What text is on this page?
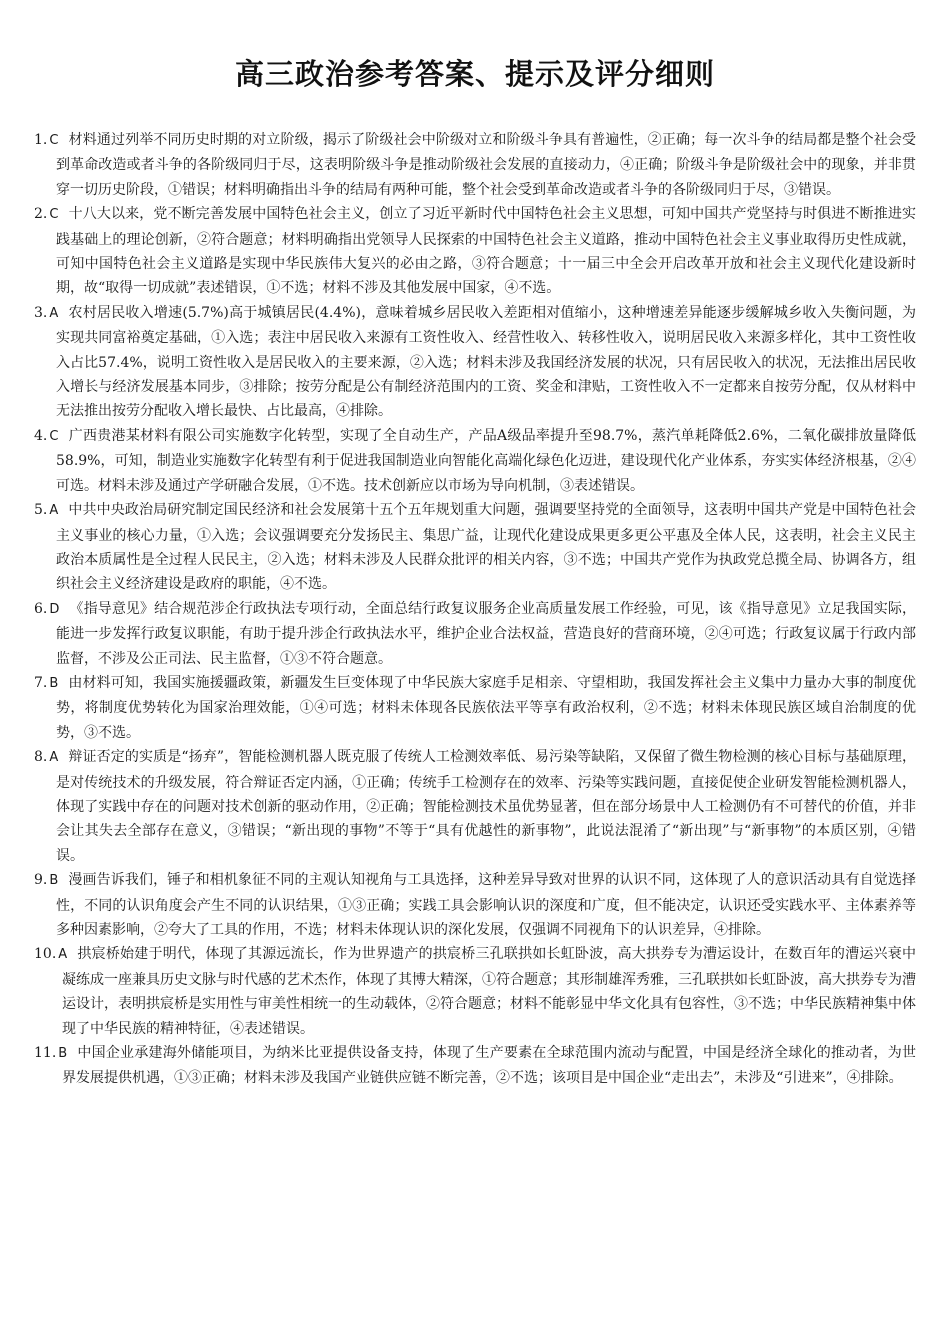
高三政治参考答案、提示及评分细则
1. C 材料通过列举不同历史时期的对立阶级，揭示了阶级社会中阶级对立和阶级斗争具有普遍性，②正确；每一次斗争的结局都是整个社会受到革命改造或者斗争的各阶级同归于尽，这表明阶级斗争是推动阶级社会发展的直接动力，④正确；阶级斗争是阶级社会中的现象，并非贯穿一切历史阶段，①错误；材料明确指出斗争的结局有两种可能，整个社会受到革命改造或者斗争的各阶级同归于尽，③错误。
2. C 十八大以来，党不断完善发展中国特色社会主义，创立了习近平新时代中国特色社会主义思想，可知中国共产党坚持与时俱进不断推进实践基础上的理论创新，②符合题意；材料明确指出党领导人民探索的中国特色社会主义道路，推动中国特色社会主义事业取得历史性成就，可知中国特色社会主义道路是实现中华民族伟大复兴的必由之路，③符合题意；十一届三中全会开启改革开放和社会主义现代化建设新时期，故“取得一切成就”表述错误，①不选；材料不涉及其他发展中国家，④不选。
3. A 农村居民收入增速(5.7%)高于城镇居民(4.4%)，意味着城乡居民收入差距相对值缩小，这种增速差异能逐步缓解城乡收入失衡问题，为实现共同富裕奠定基础，①入选；表注中居民收入来源有工资性收入、经营性收入、转移性收入，说明居民收入来源多样化，其中工资性收入占比57.4%，说明工资性收入是居民收入的主要来源，②入选；材料未涉及我国经济发展的状况，只有居民收入的状况，无法推出居民收入增长与经济发展基本同步，③排除；按劳分配是公有制经济范围内的工资、奖金和津贴，工资性收入不一定都来自按劳分配，仅从材料中无法推出按劳分配收入增长最快、占比最高，④排除。
4. C 广西贵港某材料有限公司实施数字化转型，实现了全自动生产，产品A级品率提升至98.7%，蒸汽单耗降低2.6%，二氧化碳排放量降低58.9%，可知，制造业实施数字化转型有利于促进我国制造业向智能化高端化绿色化迈进，建设现代化产业体系，夯实实体经济根基，②④可选。材料未涉及通过产学研融合发展，①不选。技术创新应以市场为导向机制，③表述错误。
5. A 中共中央政治局研究制定国民经济和社会发展第十五个五年规划重大问题，强调要坚持党的全面领导，这表明中国共产党是中国特色社会主义事业的核心力量，①入选；会议强调要充分发扬民主、集思广益，让现代化建设成果更多更公平惠及全体人民，这表明，社会主义民主政治本质属性是全过程人民民主，②入选；材料未涉及人民群众批评的相关内容，③不选；中国共产党作为执政党总揽全局、协调各方，组织社会主义经济建设是政府的职能，④不选。
6. D 《指导意见》结合规范涉企行政执法专项行动，全面总结行政复议服务企业高质量发展工作经验，可见，该《指导意见》立足我国实际，能进一步发挥行政复议职能，有助于提升涉企行政执法水平，维护企业合法权益，营造良好的营商环境，②④可选；行政复议属于行政内部监督，不涉及公正司法、民主监督，①③不符合题意。
7. B 由材料可知，我国实施援疆政策，新疆发生巨变体现了中华民族大家庭手足相亲、守望相助，我国发挥社会主义集中力量办大事的制度优势，将制度优势转化为国家治理效能，①④可选；材料未体现各民族依法平等享有政治权利，②不选；材料未体现民族区域自治制度的优势，③不选。
8. A 辩证否定的实质是“扬弃”，智能检测机器人既克服了传统人工检测效率低、易污染等缺陷，又保留了微生物检测的核心目标与基础原理，是对传统技术的升级发展，符合辩证否定内涵，①正确；传统手工检测存在的效率、污染等实践问题，直接促使企业研发智能检测机器人，体现了实践中存在的问题对技术创新的驱动作用，②正确；智能检测技术虽优势显著，但在部分场景中人工检测仍有不可替代的价值，并非会让其失去全部存在意义，③错误；“新出现的事物”不等于“具有优越性的新事物”，此说法混淆了“新出现”与“新事物”的本质区别，④错误。
9. B 漫画告诉我们，锤子和相机象征不同的主观认知视角与工具选择，这种差异导致对世界的认识不同，这体现了人的意识活动具有自觉选择性，不同的认识角度会产生不同的认识结果，①③正确；实践工具会影响认识的深度和广度，但不能决定，认识还受实践水平、主体素养等多种因素影响，②夸大了工具的作用，不选；材料未体现认识的深化发展，仅强调不同视角下的认识差异，④排除。
10. A 拱宸桥始建于明代，体现了其源远流长，作为世界遗产的拱宸桥三孔联拱如长虹卧波，高大拱券专为漕运设计，在数百年的漕运兴衰中凝练成一座兼具历史文脉与时代感的艺术杰作，体现了其博大精深，①符合题意；其形制雄浑秀雅，三孔联拱如长虹卧波，高大拱券专为漕运设计，表明拱宸桥是实用性与审美性相统一的生动载体，②符合题意；材料不能彰显中华文化具有包容性，③不选；中华民族精神集中体现了中华民族的精神特征，④表述错误。
11. B 中国企业承建海外储能项目，为纳米比亚提供设备支持，体现了生产要素在全球范围内流动与配置，中国是经济全球化的推动者，为世界发展提供机遇，①③正确；材料未涉及我国产业链供应链不断完善，②不选；该项目是中国企业“走出去”，未涉及“引进来”，④排除。
